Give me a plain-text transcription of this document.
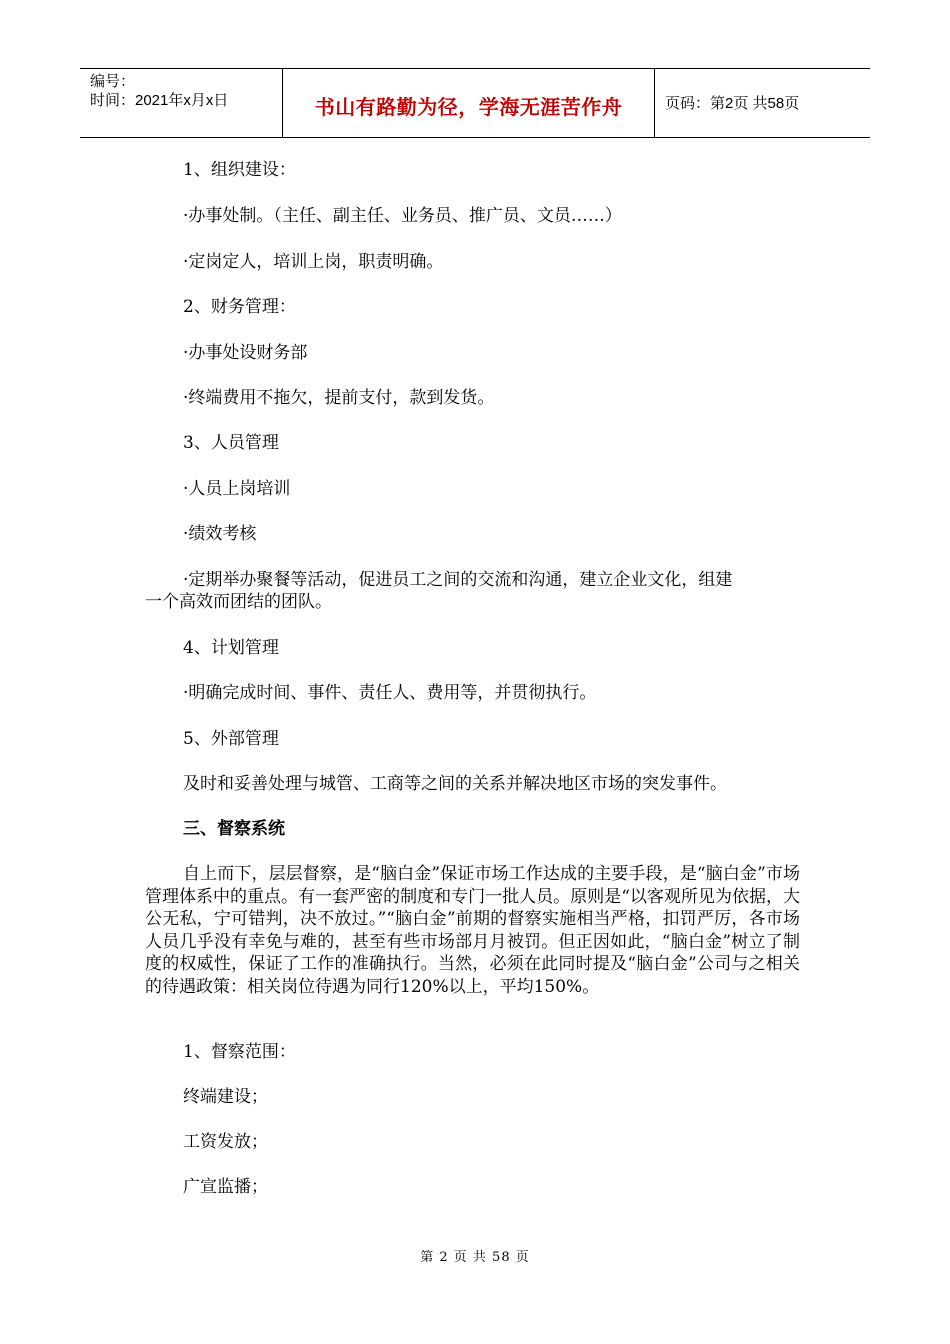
编号：
时间：2021年x月x日	书山有路勤为径，学海无涯苦作舟	页码：第2页 共58页
1、组织建设：
·办事处制。（主任、副主任、业务员、推广员、文员……）
·定岗定人，培训上岗，职责明确。
2、财务管理：
·办事处设财务部
·终端费用不拖欠，提前支付，款到发货。
3、人员管理
·人员上岗培训
·绩效考核
·定期举办聚餐等活动，促进员工之间的交流和沟通，建立企业文化，组建
一个高效而团结的团队。
4、计划管理
·明确完成时间、事件、责任人、费用等，并贯彻执行。
5、外部管理
及时和妥善处理与城管、工商等之间的关系并解决地区市场的突发事件。
三、督察系统
自上而下，层层督察，是“脑白金”保证市场工作达成的主要手段，是“脑白金”市场管理体系中的重点。有一套严密的制度和专门一批人员。原则是“以客观所见为依据，大公无私，宁可错判，决不放过。”“脑白金”前期的督察实施相当严格，扣罚严厉，各市场人员几乎没有幸免与难的，甚至有些市场部月月被罚。但正因如此，“脑白金”树立了制度的权威性，保证了工作的准确执行。当然，必须在此同时提及“脑白金”公司与之相关的待遇政策：相关岗位待遇为同行120%以上，平均150%。
1、督察范围：
终端建设；
工资发放；
广宣监播；
第 2 页 共 58 页
